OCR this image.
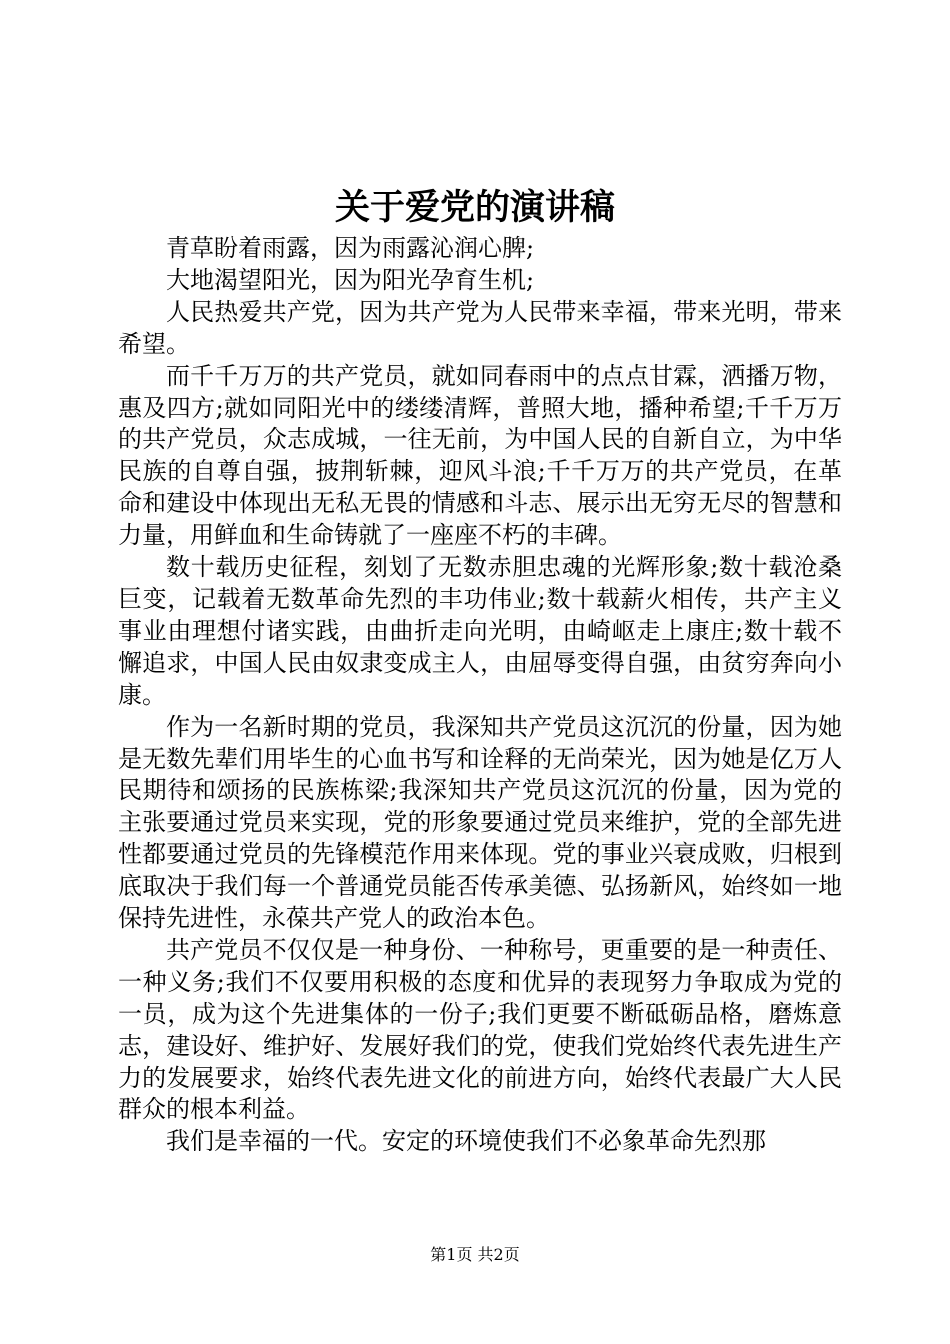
关于爱党的演讲稿

青草盼着雨露，因为雨露沁润心脾;

大地渴望阳光，因为阳光孕育生机;

人民热爱共产党，因为共产党为人民带来幸福，带来光明，带来希望。

而千千万万的共产党员，就如同春雨中的点点甘霖，洒播万物，惠及四方;就如同阳光中的缕缕清辉，普照大地，播种希望;千千万万的共产党员，众志成城，一往无前，为中国人民的自新自立，为中华民族的自尊自强，披荆斩棘，迎风斗浪;千千万万的共产党员，在革命和建设中体现出无私无畏的情感和斗志、展示出无穷无尽的智慧和力量，用鲜血和生命铸就了一座座不朽的丰碑。

数十载历史征程，刻划了无数赤胆忠魂的光辉形象;数十载沧桑巨变，记载着无数革命先烈的丰功伟业;数十载薪火相传，共产主义事业由理想付诸实践，由曲折走向光明，由崎岖走上康庄;数十载不懈追求，中国人民由奴隶变成主人，由屈辱变得自强，由贫穷奔向小康。

作为一名新时期的党员，我深知共产党员这沉沉的份量，因为她是无数先辈们用毕生的心血书写和诠释的无尚荣光，因为她是亿万人民期待和颂扬的民族栋梁;我深知共产党员这沉沉的份量，因为党的主张要通过党员来实现，党的形象要通过党员来维护，党的全部先进性都要通过党员的先锋模范作用来体现。党的事业兴衰成败，归根到底取决于我们每一个普通党员能否传承美德、弘扬新风，始终如一地保持先进性，永葆共产党人的政治本色。

共产党员不仅仅是一种身份、一种称号，更重要的是一种责任、一种义务;我们不仅要用积极的态度和优异的表现努力争取成为党的一员，成为这个先进集体的一份子;我们更要不断砥砺品格，磨炼意志，建设好、维护好、发展好我们的党，使我们党始终代表先进生产力的发展要求，始终代表先进文化的前进方向，始终代表最广大人民群众的根本利益。

我们是幸福的一代。安定的环境使我们不必象革命先烈那

第1页 共2页
